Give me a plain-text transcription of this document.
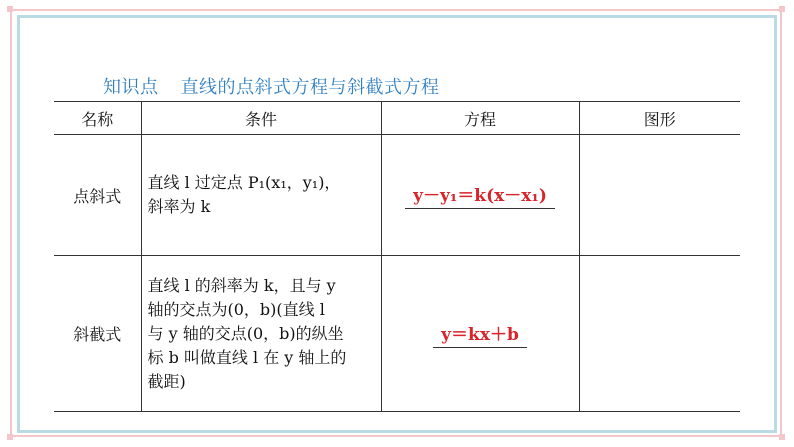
知识点 直线的点斜式方程与斜截式方程
名称	条件	方程	图形
点斜式	直线 l 过定点 P₁(x₁，y₁)，
斜率为 k	y－y₁＝k(x－x₁)	
斜截式	直线 l 的斜率为 k，且与 y
轴的交点为(0，b)(直线 l
与 y 轴的交点(0，b)的纵坐
标 b 叫做直线 l 在 y 轴上的
截距)	y＝kx＋b	
